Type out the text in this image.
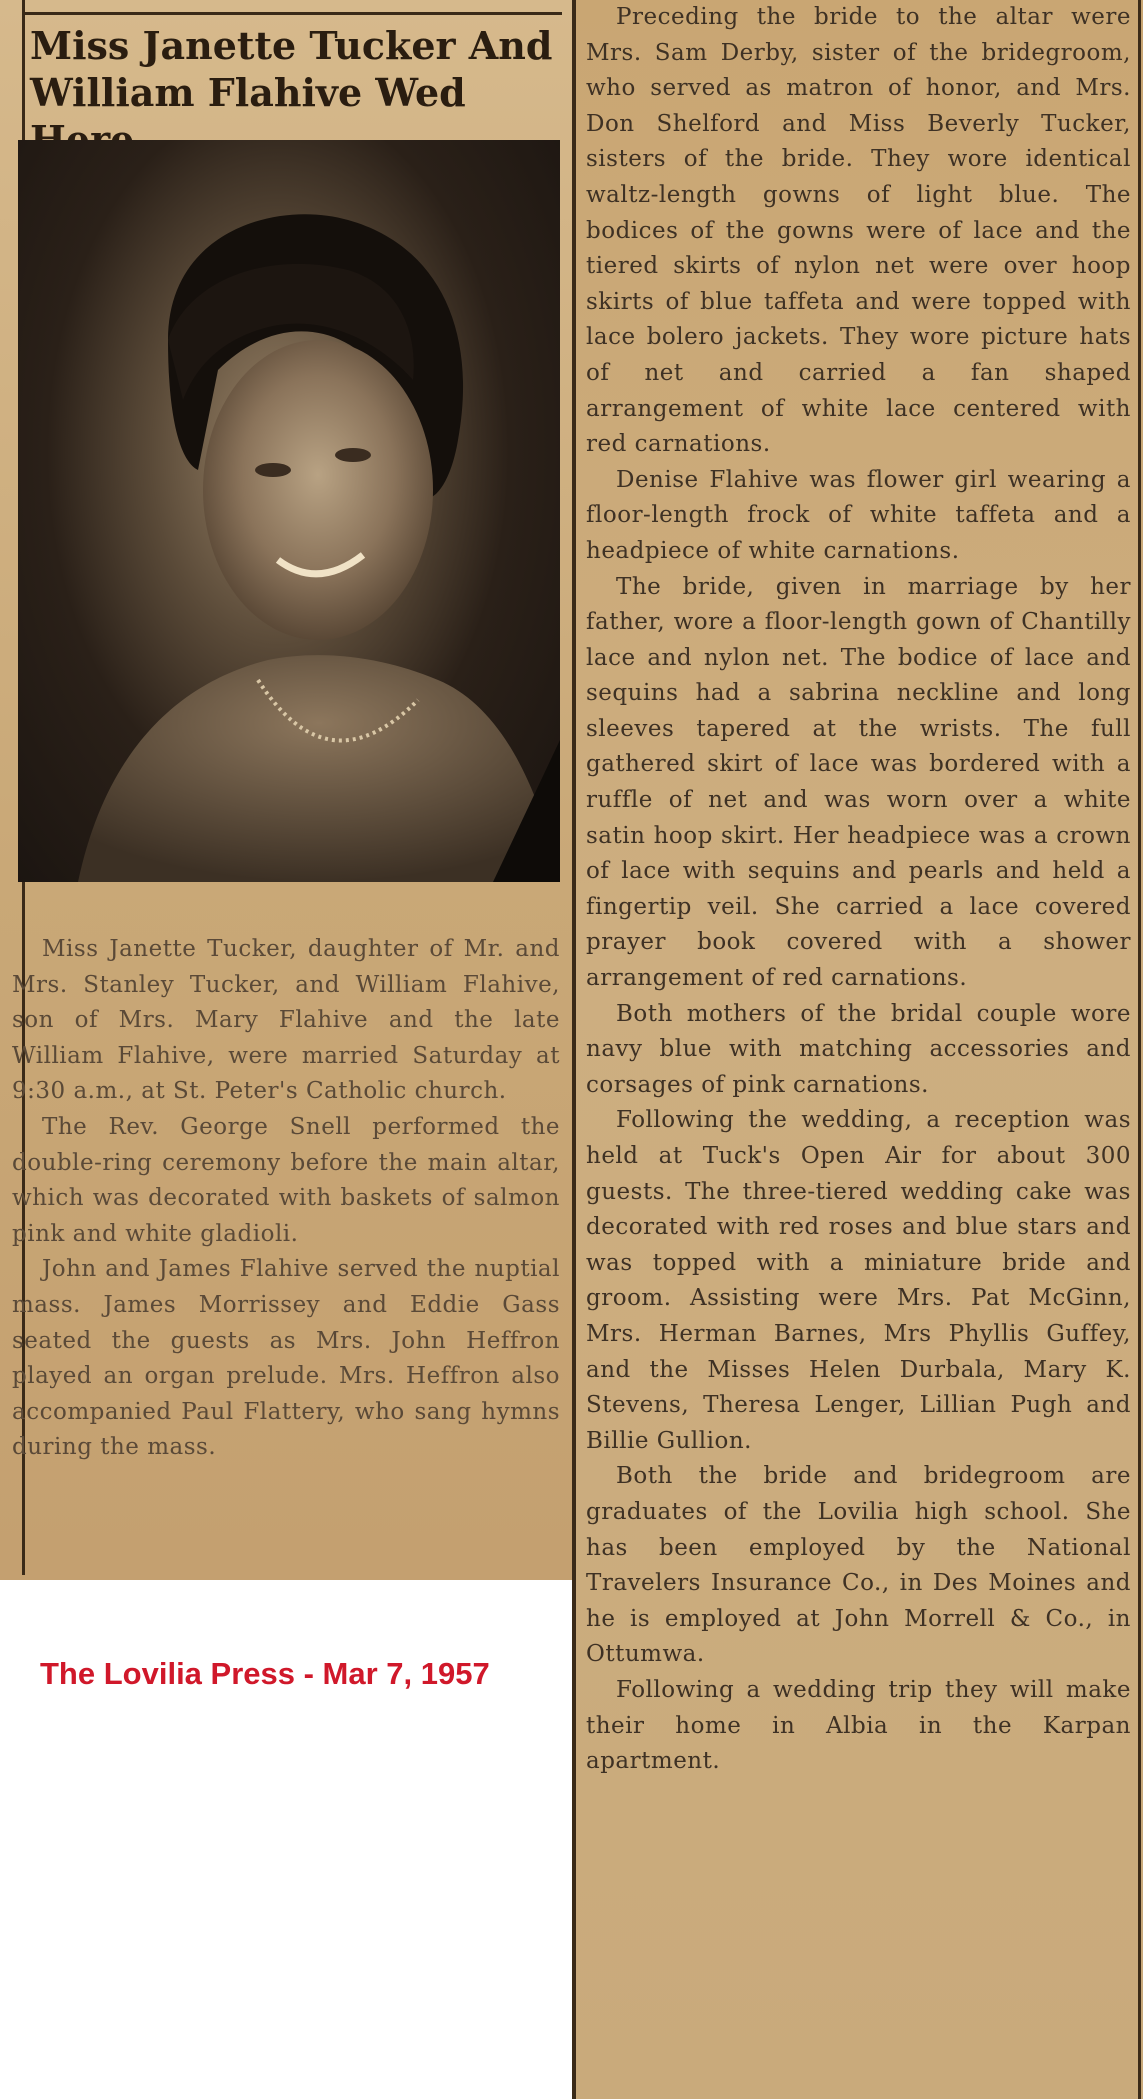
Miss Janette Tucker And William Flahive Wed

Miss Janette Tucker, daughter of Mr. and Mrs. Stanley Tucker, and William Flahive, son of Mrs. Mary Flahive and the late William Flahive, were married Saturday at 9:30 a.m., at St. Peter's Catholic church.

The Rev. George Snell performed the double-ring ceremony before the main altar, which was decorated with baskets of salmon pink and white gladioli.

John and James Flahive served the nuptial mass. James Morrissey and Eddie Gass seated the guests as Mrs. John Heffron played an organ prelude. Mrs. Heffron also accompanied Paul Flattery, who sang hymns during the mass.

Preceding the bride to the altar were Mrs. Sam Derby, sister of the bridegroom, who served as matron of honor, and Mrs. Don Shelford and Miss Beverly Tucker, sisters of the bride. They wore identical waltz-length gowns of light blue. The bodices of the gowns were of lace and the tiered skirts of nylon net were over hoop skirts of blue taffeta and were topped with lace bolero jackets. They wore picture hats of net and carried a fan shaped arrangement of white lace centered with red carnations.

Denise Flahive was flower girl wearing a floor-length frock of white taffeta and a headpiece of white carnations.

The bride, given in marriage by her father, wore a floor-length gown of Chantilly lace and nylon net. The bodice of lace and sequins had a sabrina neckline and long sleeves tapered at the wrists. The full gathered skirt of lace was bordered with a ruffle of net and was worn over a white satin hoop skirt. Her headpiece was a crown of lace with sequins and pearls and held a fingertip veil. She carried a lace covered prayer book covered with a shower arrangement of red carnations.

Both mothers of the bridal couple wore navy blue with matching accessories and corsages of pink carnations.

Following the wedding, a reception was held at Tuck's Open Air for about 300 guests. The three-tiered wedding cake was decorated with red roses and blue stars and was topped with a miniature bride and groom. Assisting were Mrs. Pat McGinn, Mrs. Herman Barnes, Mrs Phyllis Guffey, and the Misses Helen Durbala, Mary K. Stevens, Theresa Lenger, Lillian Pugh and Billie Gullion.

Both the bride and bridegroom are graduates of the Lovilia high school. She has been employed by the National Travelers Insurance Co., in Des Moines and he is employed at John Morrell & Co., in Ottumwa.

Following a wedding trip they will make their home in Albia in the Karpan apartment.

The Lovilia Press - Mar 7, 1957
